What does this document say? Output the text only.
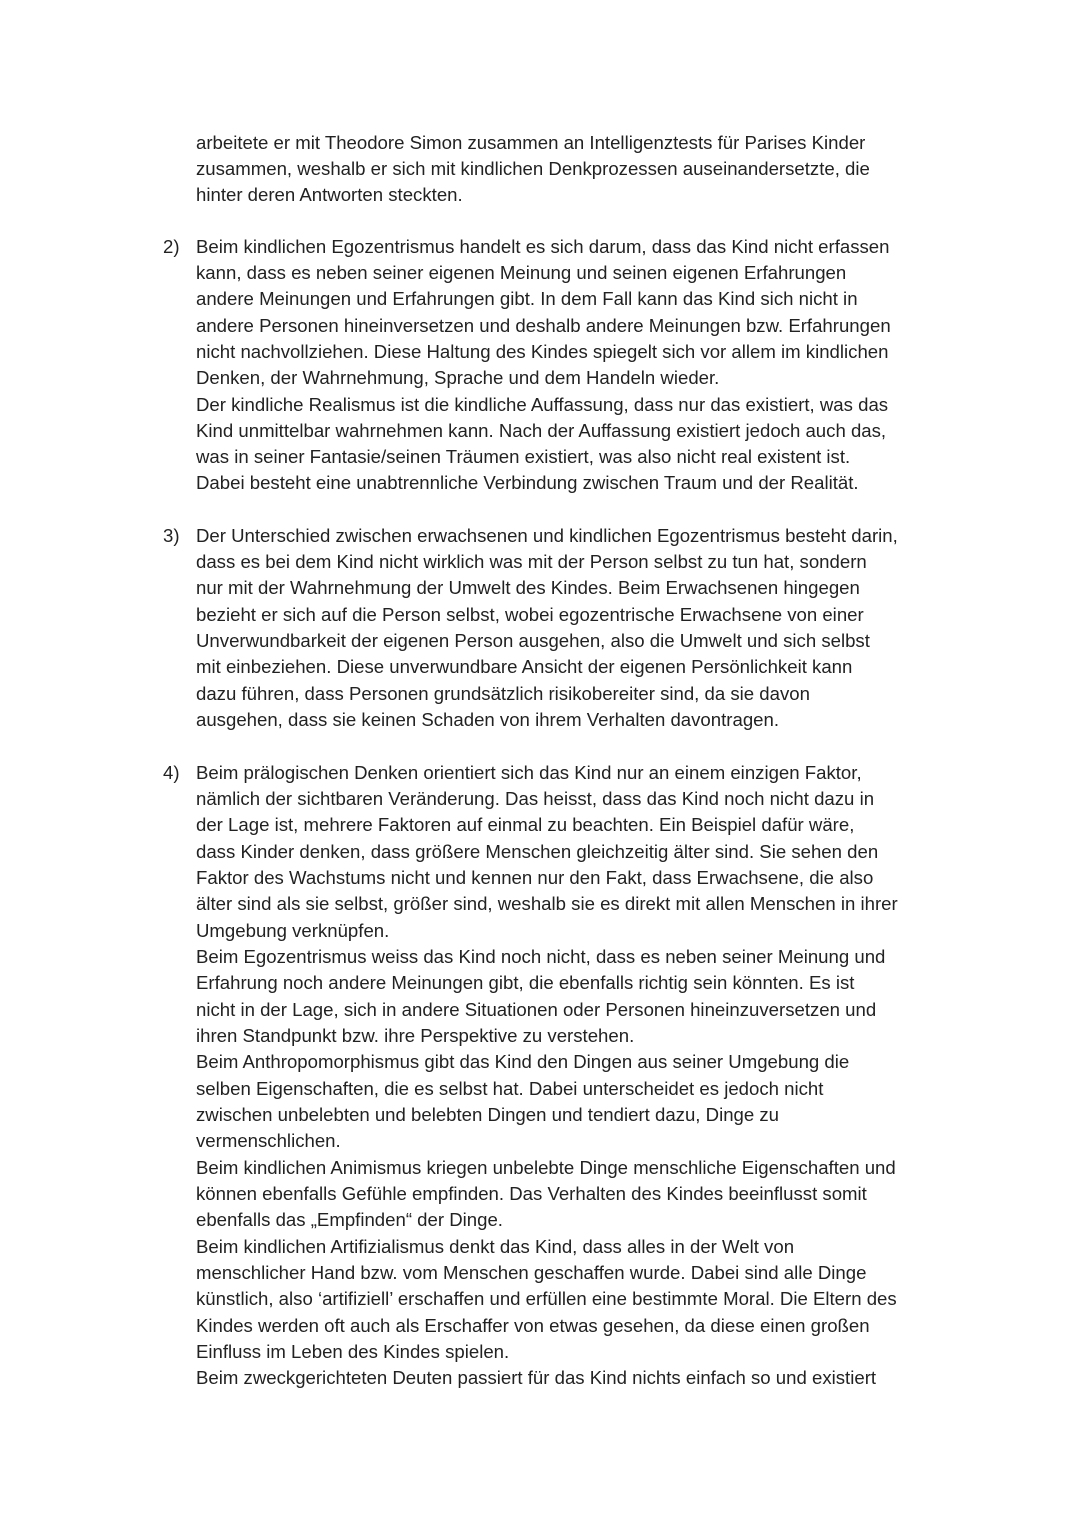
arbeitete er mit Theodore Simon zusammen an Intelligenztests für Parises Kinder

zusammen, weshalb er sich mit kindlichen Denkprozessen auseinandersetzte, die

hinter deren Antworten steckten.

2) Beim kindlichen Egozentrismus handelt es sich darum, dass das Kind nicht erfassen

kann, dass es neben seiner eigenen Meinung und seinen eigenen Erfahrungen

andere Meinungen und Erfahrungen gibt. In dem Fall kann das Kind sich nicht in

andere Personen hineinversetzen und deshalb andere Meinungen bzw. Erfahrungen

nicht nachvollziehen. Diese Haltung des Kindes spiegelt sich vor allem im kindlichen

Denken, der Wahrnehmung, Sprache und dem Handeln wieder.

Der kindliche Realismus ist die kindliche Auffassung, dass nur das existiert, was das

Kind unmittelbar wahrnehmen kann. Nach der Auffassung existiert jedoch auch das,

was in seiner Fantasie/seinen Träumen existiert, was also nicht real existent ist.

Dabei besteht eine unabtrennliche Verbindung zwischen Traum und der Realität.

3) Der Unterschied zwischen erwachsenen und kindlichen Egozentrismus besteht darin,

dass es bei dem Kind nicht wirklich was mit der Person selbst zu tun hat, sondern

nur mit der Wahrnehmung der Umwelt des Kindes. Beim Erwachsenen hingegen

bezieht er sich auf die Person selbst, wobei egozentrische Erwachsene von einer

Unverwundbarkeit der eigenen Person ausgehen, also die Umwelt und sich selbst

mit einbeziehen. Diese unverwundbare Ansicht der eigenen Persönlichkeit kann

dazu führen, dass Personen grundsätzlich risikobereiter sind, da sie davon

ausgehen, dass sie keinen Schaden von ihrem Verhalten davontragen.

4) Beim prälogischen Denken orientiert sich das Kind nur an einem einzigen Faktor,

nämlich der sichtbaren Veränderung. Das heisst, dass das Kind noch nicht dazu in

der Lage ist, mehrere Faktoren auf einmal zu beachten. Ein Beispiel dafür wäre,

dass Kinder denken, dass größere Menschen gleichzeitig älter sind. Sie sehen den

Faktor des Wachstums nicht und kennen nur den Fakt, dass Erwachsene, die also

älter sind als sie selbst, größer sind, weshalb sie es direkt mit allen Menschen in ihrer

Umgebung verknüpfen.

Beim Egozentrismus weiss das Kind noch nicht, dass es neben seiner Meinung und

Erfahrung noch andere Meinungen gibt, die ebenfalls richtig sein könnten. Es ist

nicht in der Lage, sich in andere Situationen oder Personen hineinzuversetzen und

ihren Standpunkt bzw. ihre Perspektive zu verstehen.

Beim Anthropomorphismus gibt das Kind den Dingen aus seiner Umgebung die

selben Eigenschaften, die es selbst hat. Dabei unterscheidet es jedoch nicht

zwischen unbelebten und belebten Dingen und tendiert dazu, Dinge zu

vermenschlichen.

Beim kindlichen Animismus kriegen unbelebte Dinge menschliche Eigenschaften und

können ebenfalls Gefühle empfinden. Das Verhalten des Kindes beeinflusst somit

ebenfalls das „Empfinden“ der Dinge.

Beim kindlichen Artifizialismus denkt das Kind, dass alles in der Welt von

menschlicher Hand bzw. vom Menschen geschaffen wurde. Dabei sind alle Dinge

künstlich, also ‘artifiziell’ erschaffen und erfüllen eine bestimmte Moral. Die Eltern des

Kindes werden oft auch als Erschaffer von etwas gesehen, da diese einen großen

Einfluss im Leben des Kindes spielen.

Beim zweckgerichteten Deuten passiert für das Kind nichts einfach so und existiert
